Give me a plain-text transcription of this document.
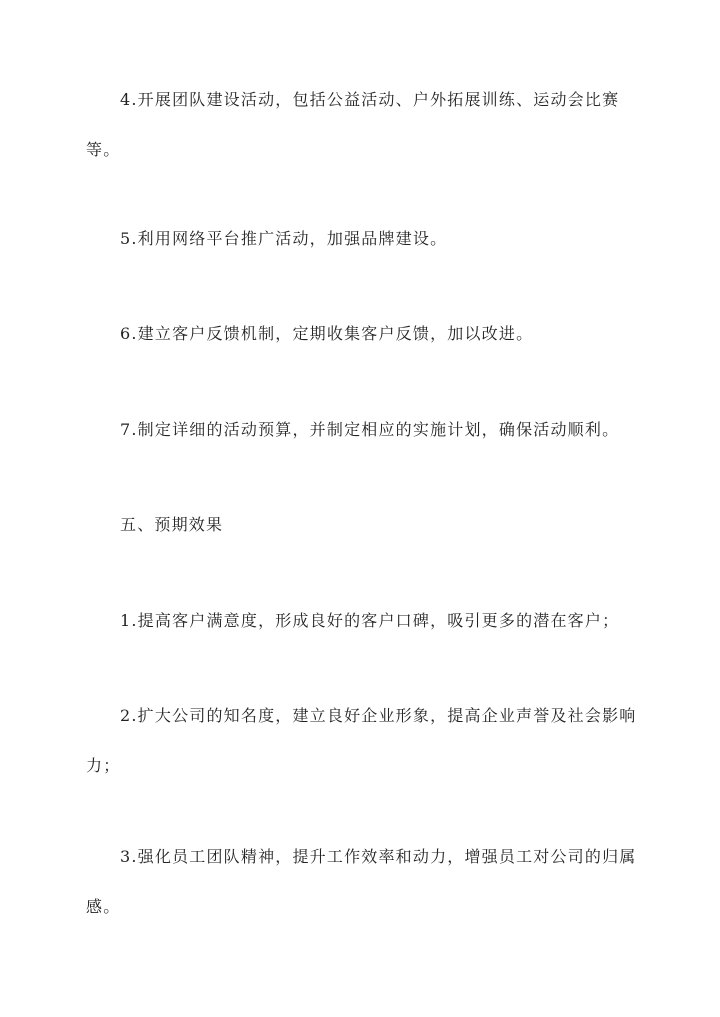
4.开展团队建设活动，包括公益活动、户外拓展训练、运动会比赛等。

5.利用网络平台推广活动，加强品牌建设。

6.建立客户反馈机制，定期收集客户反馈，加以改进。

7.制定详细的活动预算，并制定相应的实施计划，确保活动顺利。

五、预期效果

1.提高客户满意度，形成良好的客户口碑，吸引更多的潜在客户；

2.扩大公司的知名度，建立良好企业形象，提高企业声誉及社会影响力；

3.强化员工团队精神，提升工作效率和动力，增强员工对公司的归属感。
